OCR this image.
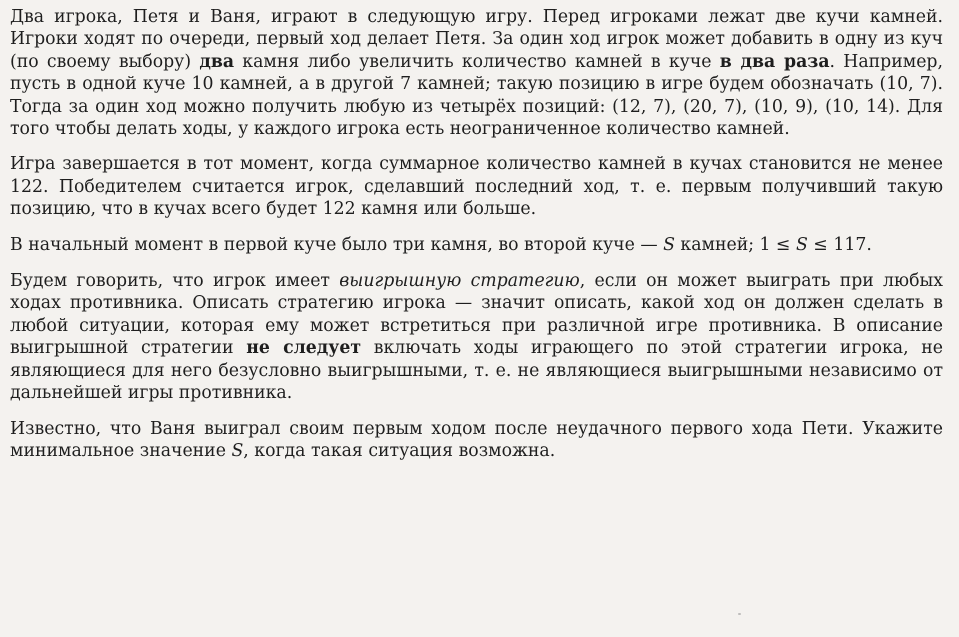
Два игрока, Петя и Ваня, играют в следующую игру. Перед игроками лежат две кучи камней. Игроки ходят по очереди, первый ход делает Петя. За один ход игрок может добавить в одну из куч (по своему выбору) два камня либо увеличить количество камней в куче в два раза. Например, пусть в одной куче 10 камней, а в другой 7 камней; такую позицию в игре будем обозначать (10, 7). Тогда за один ход можно получить любую из четырёх позиций: (12, 7), (20, 7), (10, 9), (10, 14). Для того чтобы делать ходы, у каждого игрока есть неограниченное количество камней.

Игра завершается в тот момент, когда суммарное количество камней в кучах становится не менее 122. Победителем считается игрок, сделавший последний ход, т. е. первым получивший такую позицию, что в кучах всего будет 122 камня или больше.

В начальный момент в первой куче было три камня, во второй куче — S камней; 1 ≤ S ≤ 117.

Будем говорить, что игрок имеет выигрышную стратегию, если он может выиграть при любых ходах противника. Описать стратегию игрока — значит описать, какой ход он должен сделать в любой ситуации, которая ему может встретиться при различной игре противника. В описание выигрышной стратегии не следует включать ходы играющего по этой стратегии игрока, не являющиеся для него безусловно выигрышными, т. е. не являющиеся выигрышными независимо от дальнейшей игры противника.

Известно, что Ваня выиграл своим первым ходом после неудачного первого хода Пети. Укажите минимальное значение S, когда такая ситуация возможна.
